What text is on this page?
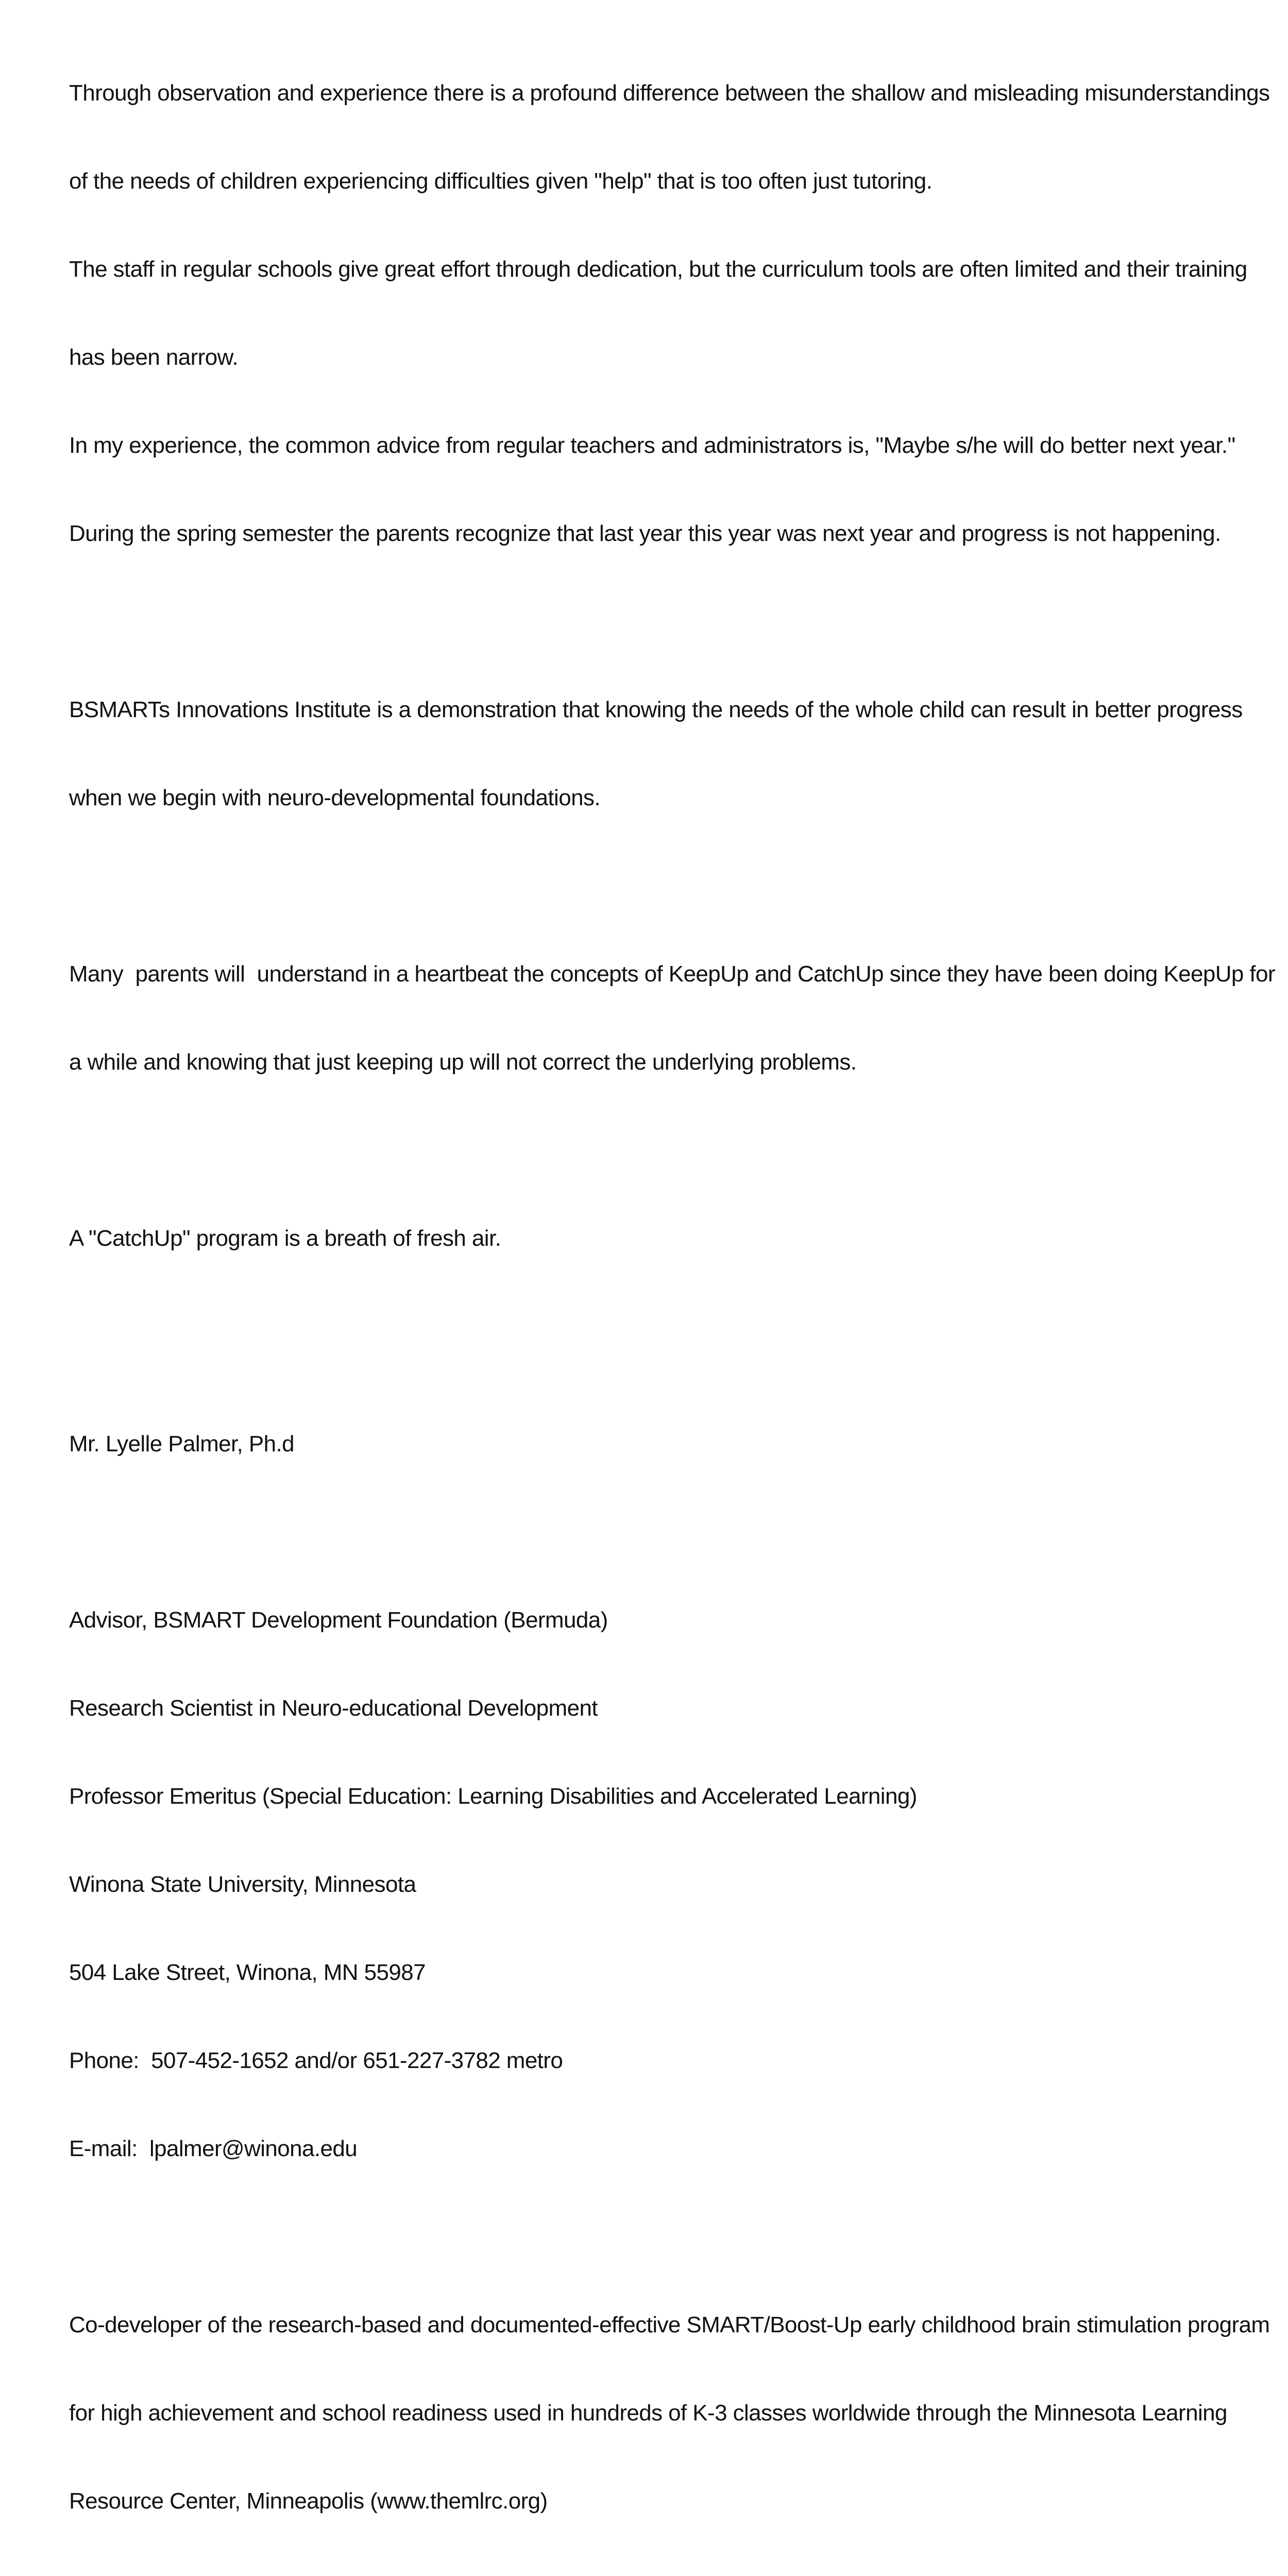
Through observation and experience there is a profound difference between the shallow and misleading misunderstandings

of the needs of children experiencing difficulties given "help" that is too often just tutoring.

The staff in regular schools give great effort through dedication, but the curriculum tools are often limited and their training

has been narrow.

In my experience, the common advice from regular teachers and administrators is, "Maybe s/he will do better next year."

During the spring semester the parents recognize that last year this year was next year and progress is not happening.

BSMARTs Innovations Institute is a demonstration that knowing the needs of the whole child can result in better progress

when we begin with neuro-developmental foundations.

Many  parents will  understand in a heartbeat the concepts of KeepUp and CatchUp since they have been doing KeepUp for

a while and knowing that just keeping up will not correct the underlying problems.

A "CatchUp" program is a breath of fresh air.

Mr. Lyelle Palmer, Ph.d

Advisor, BSMART Development Foundation (Bermuda)

Research Scientist in Neuro-educational Development

Professor Emeritus (Special Education: Learning Disabilities and Accelerated Learning)

Winona State University, Minnesota

504 Lake Street, Winona, MN 55987

Phone:  507-452-1652 and/or 651-227-3782 metro

E-mail:  lpalmer@winona.edu

Co-developer of the research-based and documented-effective SMART/Boost-Up early childhood brain stimulation program

for high achievement and school readiness used in hundreds of K-3 classes worldwide through the Minnesota Learning

Resource Center, Minneapolis (www.themlrc.org)
